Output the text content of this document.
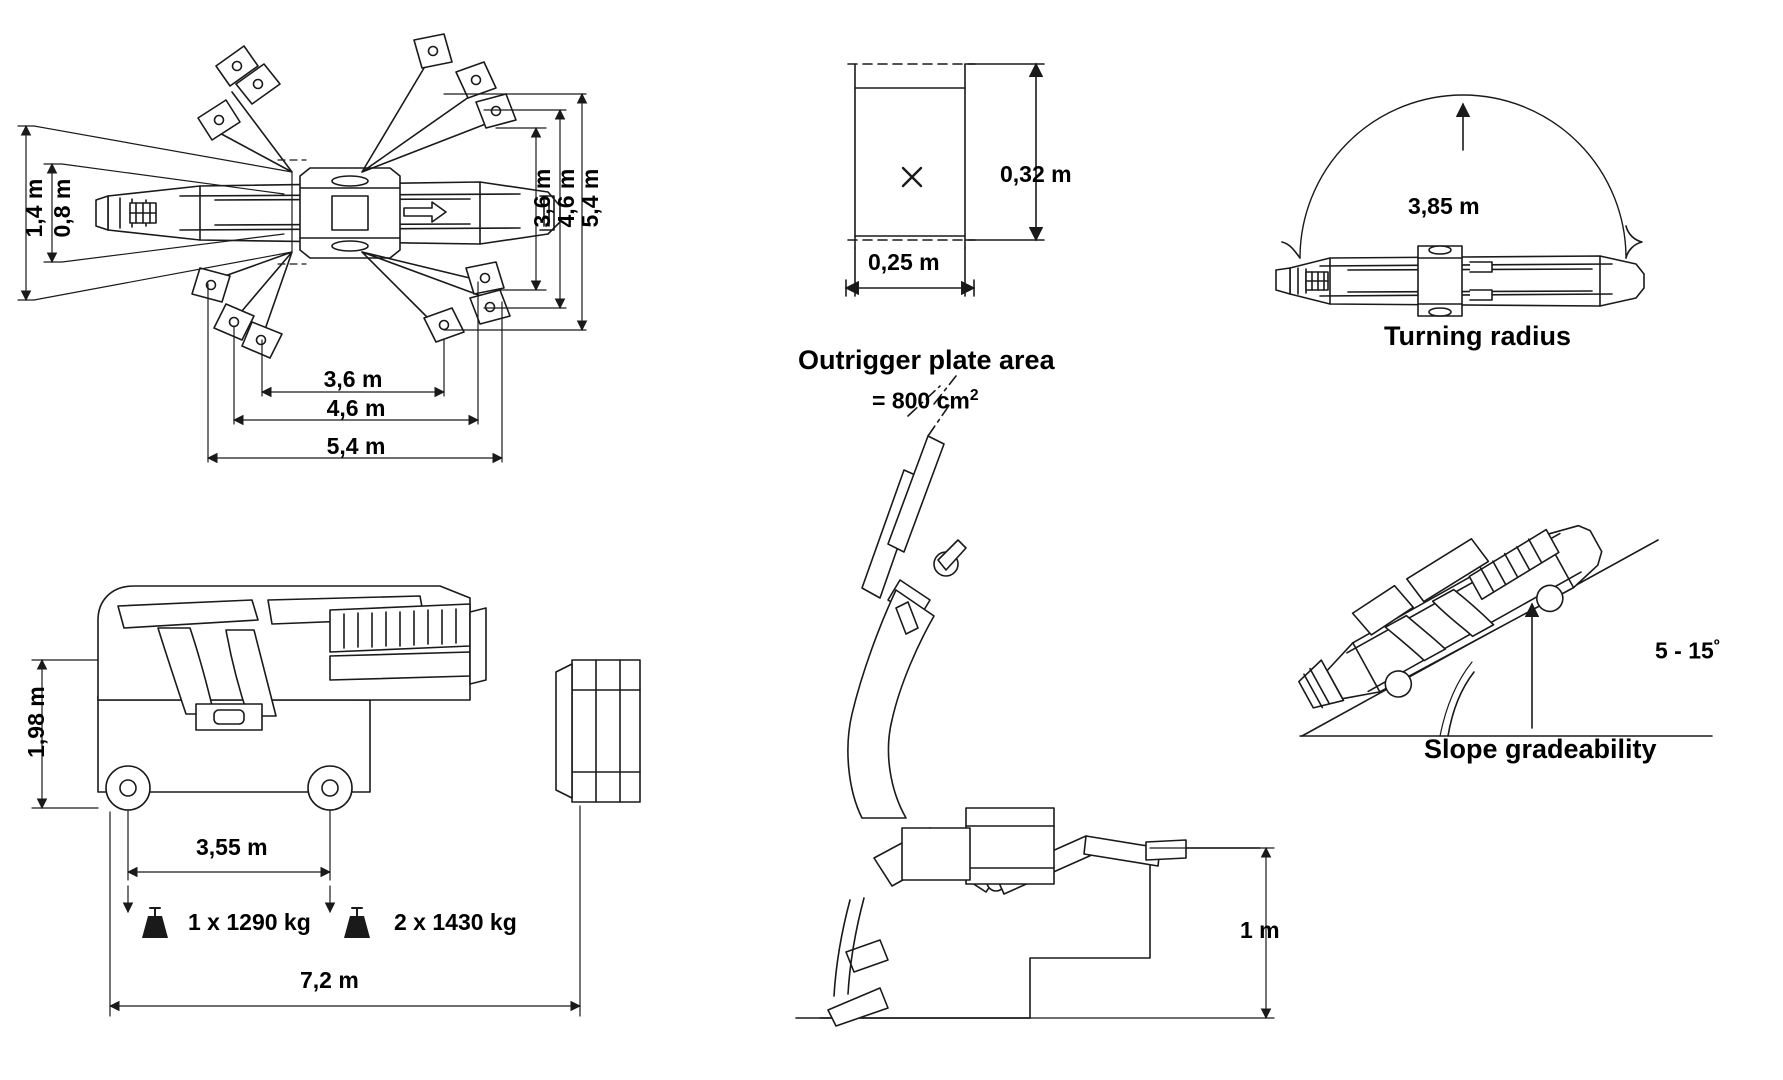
1,4 m 0,8 m	3,6 m
4,6 m
5,4 m
3,6 m
4,6 m
5,4 m
0,32 m
0,25 m
Outrigger plate area
= 800 $cm^2$
3,85 m
Turning radius
1,98 m
3,55 m
1 x 1290 kg	2 x 1430 kg
7,2 m
1 m
$5 - 15^º$
Slope gradeability
